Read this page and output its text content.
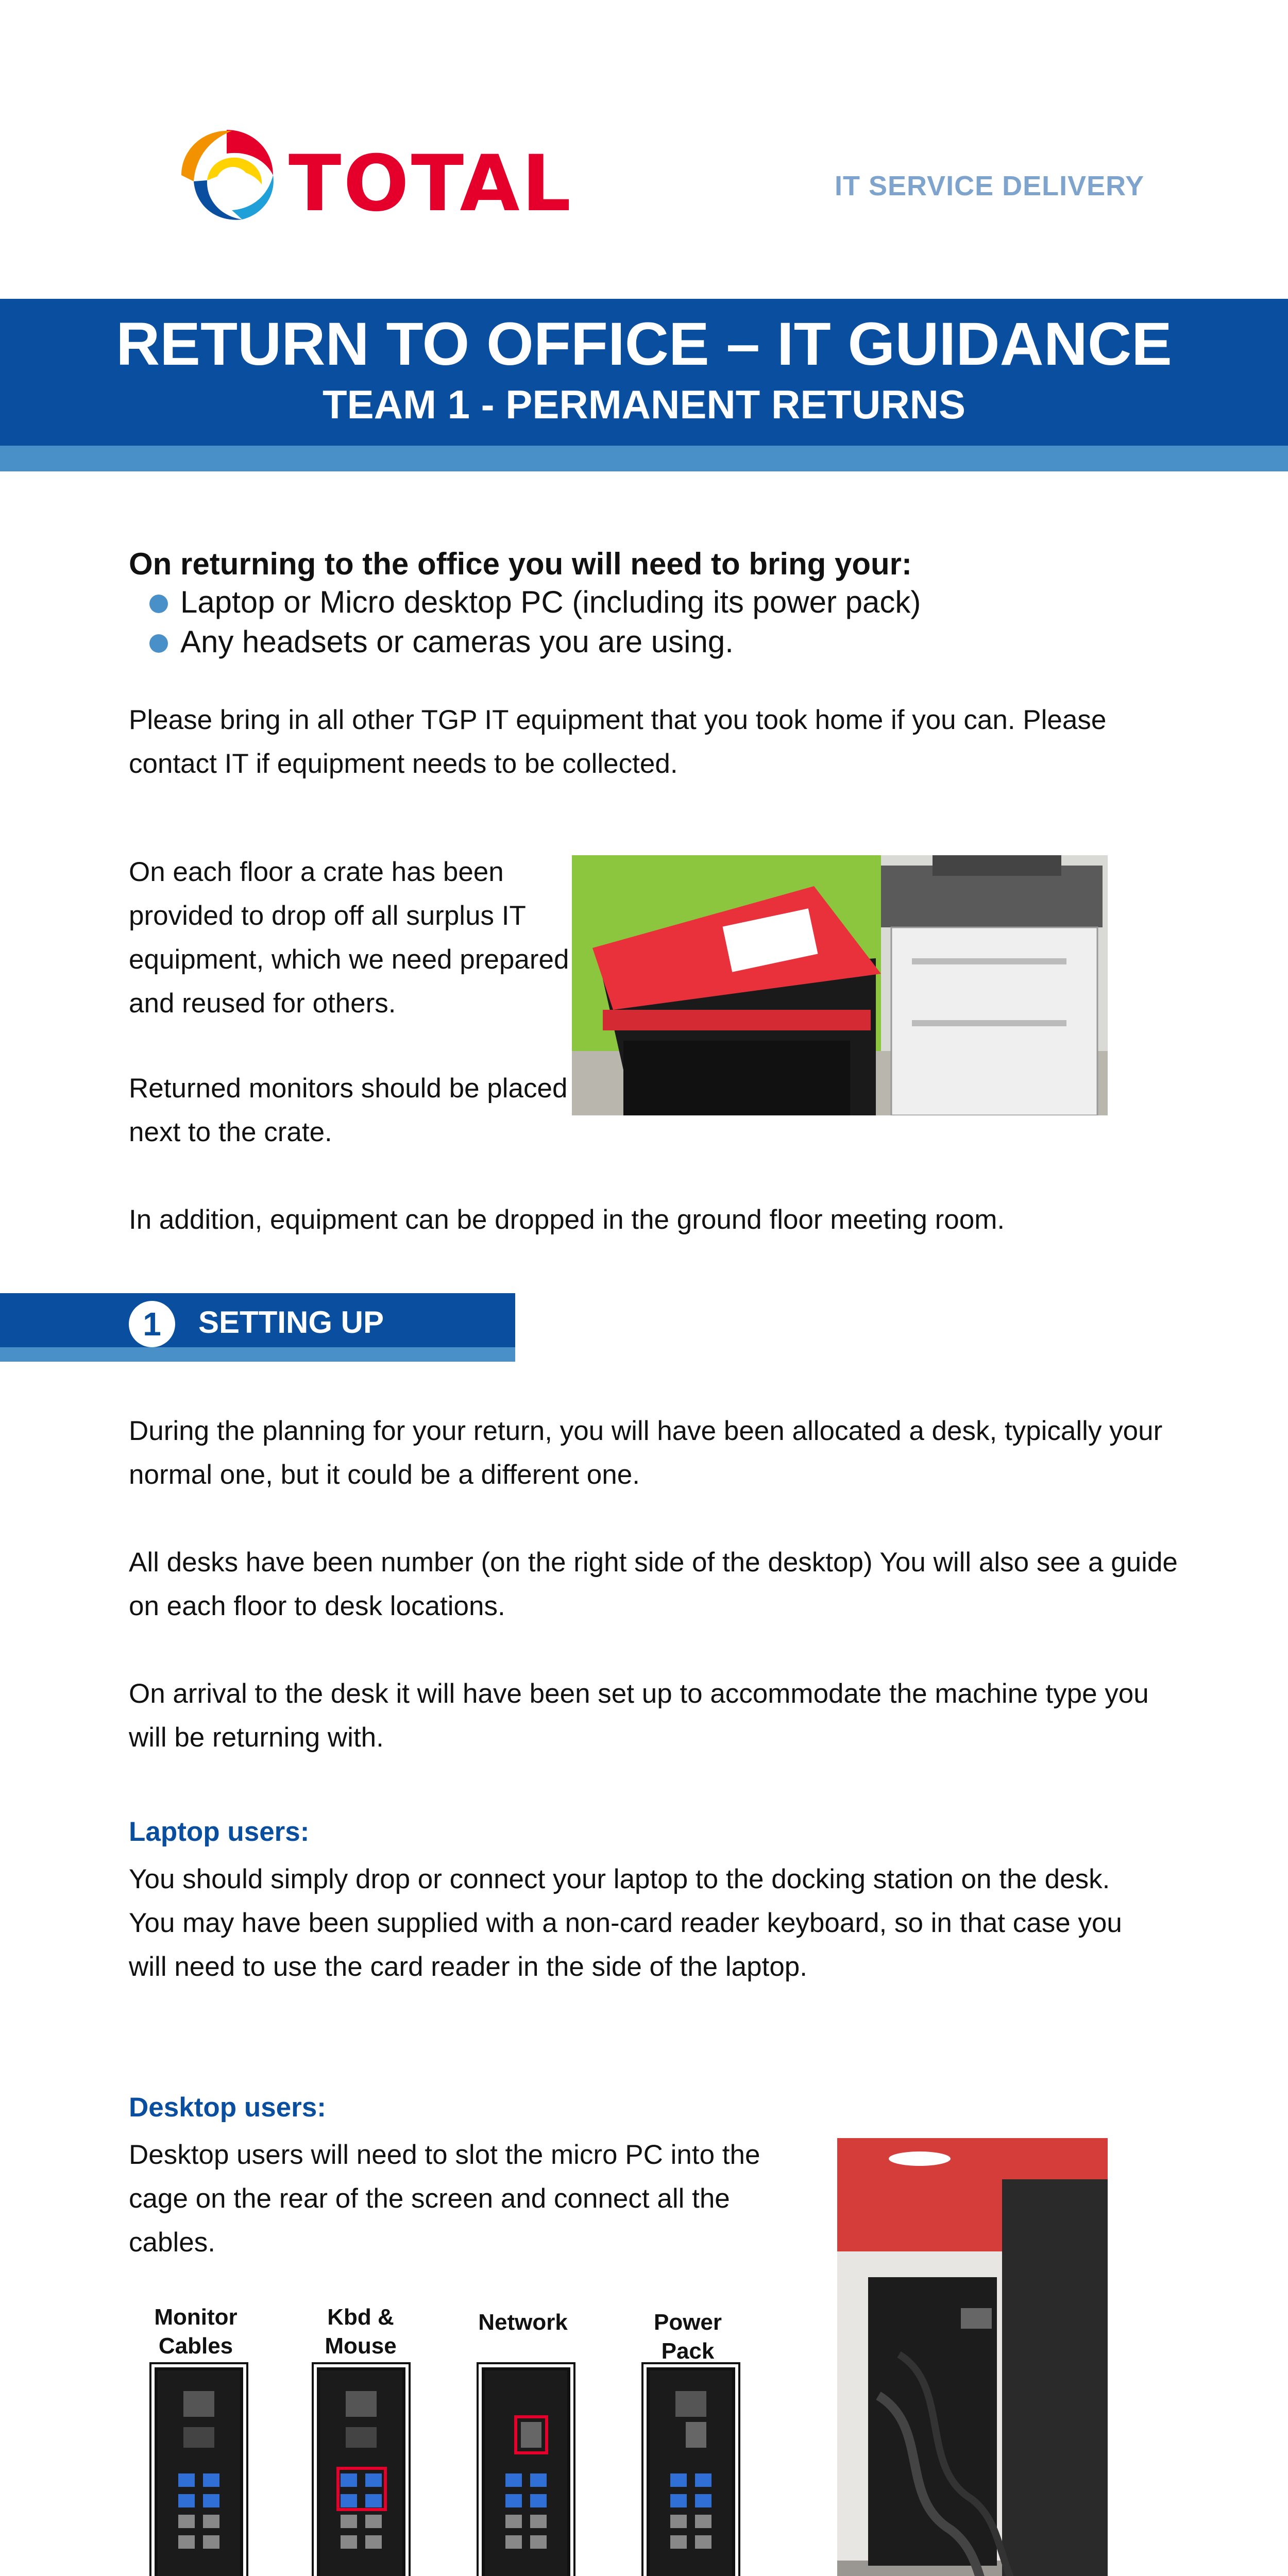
TOTAL	IT SERVICE DELIVERY
RETURN TO OFFICE – IT GUIDANCE
TEAM 1 - PERMANENT RETURNS
On returning to the office you will need to bring your:
Laptop or Micro desktop PC (including its power pack)
Any headsets or cameras you are using.
Please bring in all other TGP IT equipment that you took home if you can. Please contact IT if equipment needs to be collected.
On each floor a crate has been provided to drop off all surplus IT equipment, which we need prepared and reused for others.
Returned monitors should be placed next to the crate.
In addition, equipment can be dropped in the ground floor meeting room.
1	SETTING UP
During the planning for your return, you will have been allocated a desk, typically your normal one, but it could be a different one.
All desks have been number (on the right side of the desktop) You will also see a guide on each floor to desk locations.
On arrival to the desk it will have been set up to accommodate the machine type you will be returning with.
Laptop users:
You should simply drop or connect your laptop to the docking station on the desk. You may have been supplied with a non-card reader keyboard, so in that case you will need to use the card reader in the side of the laptop.
Desktop users:
Desktop users will need to slot the micro PC into the cage on the rear of the screen and connect all the cables.
Monitor Cables
Kbd & Mouse
Network	Power Pack
